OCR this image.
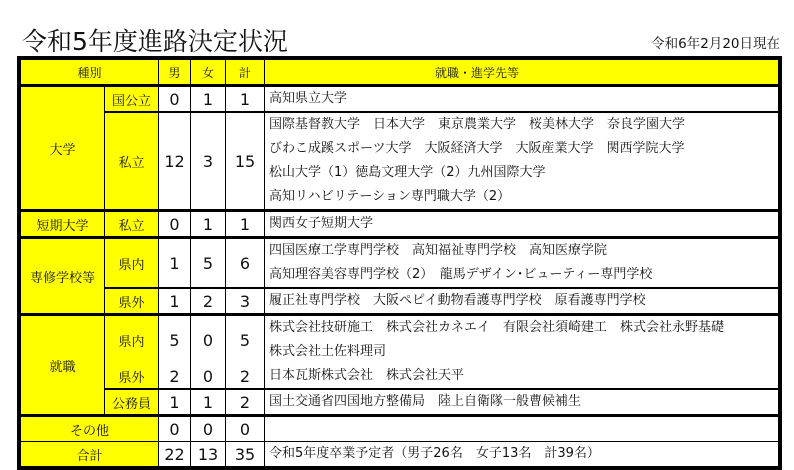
令和5年度進路決定状況	令和6年2月20日現在
種別		男	女	計	就職・進学先等
大学	国公立	0	1	1	高知県立大学

	私立	12	3	15	国際基督教大学　日本大学　東京農業大学　桜美林大学　奈良学園大学
びわこ成蹊スポーツ大学　大阪経済大学　大阪産業大学　関西学院大学
松山大学（1）徳島文理大学（2）九州国際大学
高知リハビリテーション専門職大学（2）

短期大学	私立	0	1	1	関西女子短期大学

専修学校等	県内	1	5	6	四国医療工学専門学校　高知福祉専門学校　高知医療学院
高知理容美容専門学校（2）　龍馬デザイン･ビューティー専門学校

	県外	1	2	3	履正社専門学校　大阪ペピイ動物看護専門学校　原看護専門学校

就職	県内	5	0	5	株式会社技研施工　株式会社カネエイ　有限会社須崎建工　株式会社永野基礎
株式会社土佐料理司

	県外	2	0	2	日本瓦斯株式会社　株式会社天平

	公務員	1	1	2	国土交通省四国地方整備局　陸上自衛隊一般曹候補生

その他		0	0	0	

合計		22	13	35	令和5年度卒業予定者（男子26名　女子13名　計39名）
